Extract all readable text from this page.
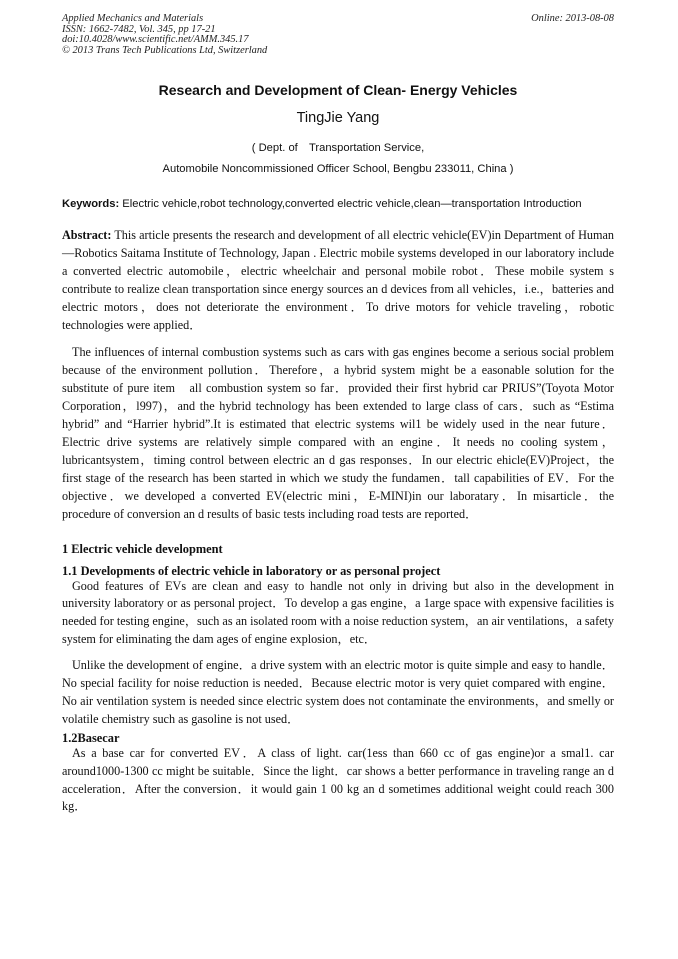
Applied Mechanics and Materials
ISSN: 1662-7482, Vol. 345, pp 17-21
doi:10.4028/www.scientific.net/AMM.345.17
© 2013 Trans Tech Publications Ltd, Switzerland
Online: 2013-08-08
Research and Development of Clean- Energy Vehicles
TingJie Yang
( Dept. of　Transportation Service,
Automobile Noncommissioned Officer School, Bengbu 233011, China )
Keywords: Electric vehicle,robot technology,converted electric vehicle,clean—transportation Introduction
Abstract: This article presents the research and development of all electric vehicle(EV)in Department of Human—Robotics Saitama Institute of Technology, Japan . Electric mobile systems developed in our laboratory include a converted electric automobile，electric wheelchair and personal mobile robot．These mobile system s contribute to realize clean transportation since energy sources an d devices from all vehicles，i.e.，batteries and electric motors，does not deteriorate the environment．To drive motors for vehicle traveling，robotic technologies were applied．
The influences of internal combustion systems such as cars with gas engines become a serious social problem because of the environment pollution．Therefore，a hybrid system might be a easonable solution for the substitute of pure item　all combustion system so far．provided their first hybrid car PRIUS”(Toyota Motor Corporation，l997)，and the hybrid technology has been extended to large class of cars．such as “Estima hybrid” and “Harrier hybrid”.It is estimated that electric systems wil1 be widely used in the near future．Electric drive systems are relatively simple compared with an engine．It needs no cooling system，lubricantsystem，timing control between electric an d gas responses．In our electric ehicle(EV)Project，the first stage of the research has been started in which we study the fundamen．tall capabilities of EV．For the objective．we developed a converted EV(electric mini，E-MINI)in our laboratary．In misarticle．the procedure of conversion an d results of basic tests including road tests are reported．
1 Electric vehicle development
1.1 Developments of electric vehicle in laboratory or as personal project
Good features of EVs are clean and easy to handle not only in driving but also in the development in university laboratory or as personal project．To develop a gas engine，a 1arge space with expensive facilities is needed for testing engine，such as an isolated room with a noise reduction system，an air ventilations，a safety system for eliminating the dam ages of engine explosion，etc．
Unlike the development of engine．a drive system with an electric motor is quite simple and easy to handle．No special facility for noise reduction is needed．Because electric motor is very quiet compared with engine．No air ventilation system is needed since electric system does not contaminate the environments，and smelly or volatile chemistry such as gasoline is not used．
1.2Basecar
As a base car for converted EV．A class of light. car(1ess than 660 cc of gas engine)or a smal1. car around1000-1300 cc might be suitable．Since the light．car shows a better performance in traveling range an d acceleration．After the conversion．it would gain 1 00 kg an d sometimes additional weight could reach 300 kg．
